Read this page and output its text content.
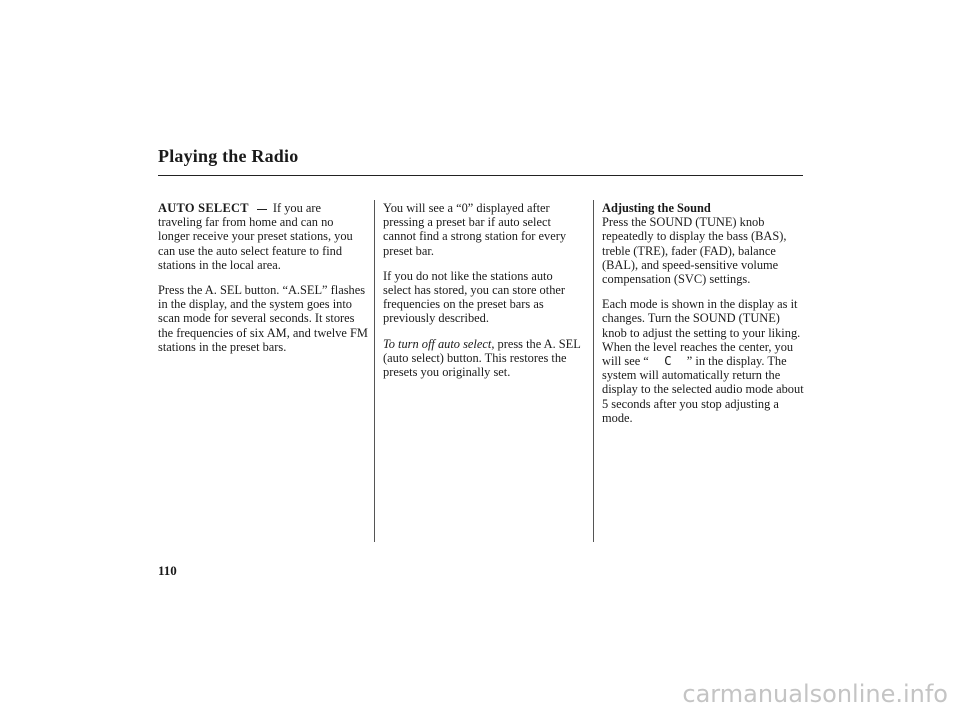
Playing the Radio

AUTO SELECT If you are traveling far from home and can no longer receive your preset stations, you can use the auto select feature to find stations in the local area.

Press the A. SEL button. “A.SEL” flashes in the display, and the system goes into scan mode for several seconds. It stores the frequencies of six AM, and twelve FM stations in the preset bars.

You will see a “0” displayed after pressing a preset bar if auto select cannot find a strong station for every preset bar.

If you do not like the stations auto select has stored, you can store other frequencies on the preset bars as previously described.

To turn off auto select, press the A. SEL (auto select) button. This restores the presets you originally set.

Adjusting the Sound
Press the SOUND (TUNE) knob repeatedly to display the bass (BAS), treble (TRE), fader (FAD), balance (BAL), and speed-sensitive volume compensation (SVC) settings.

Each mode is shown in the display as it changes. Turn the SOUND (TUNE) knob to adjust the setting to your liking. When the level reaches the center, you will see “ C ” in the display. The system will automatically return the display to the selected audio mode about 5 seconds after you stop adjusting a mode.

110
carmanualsonline.info
